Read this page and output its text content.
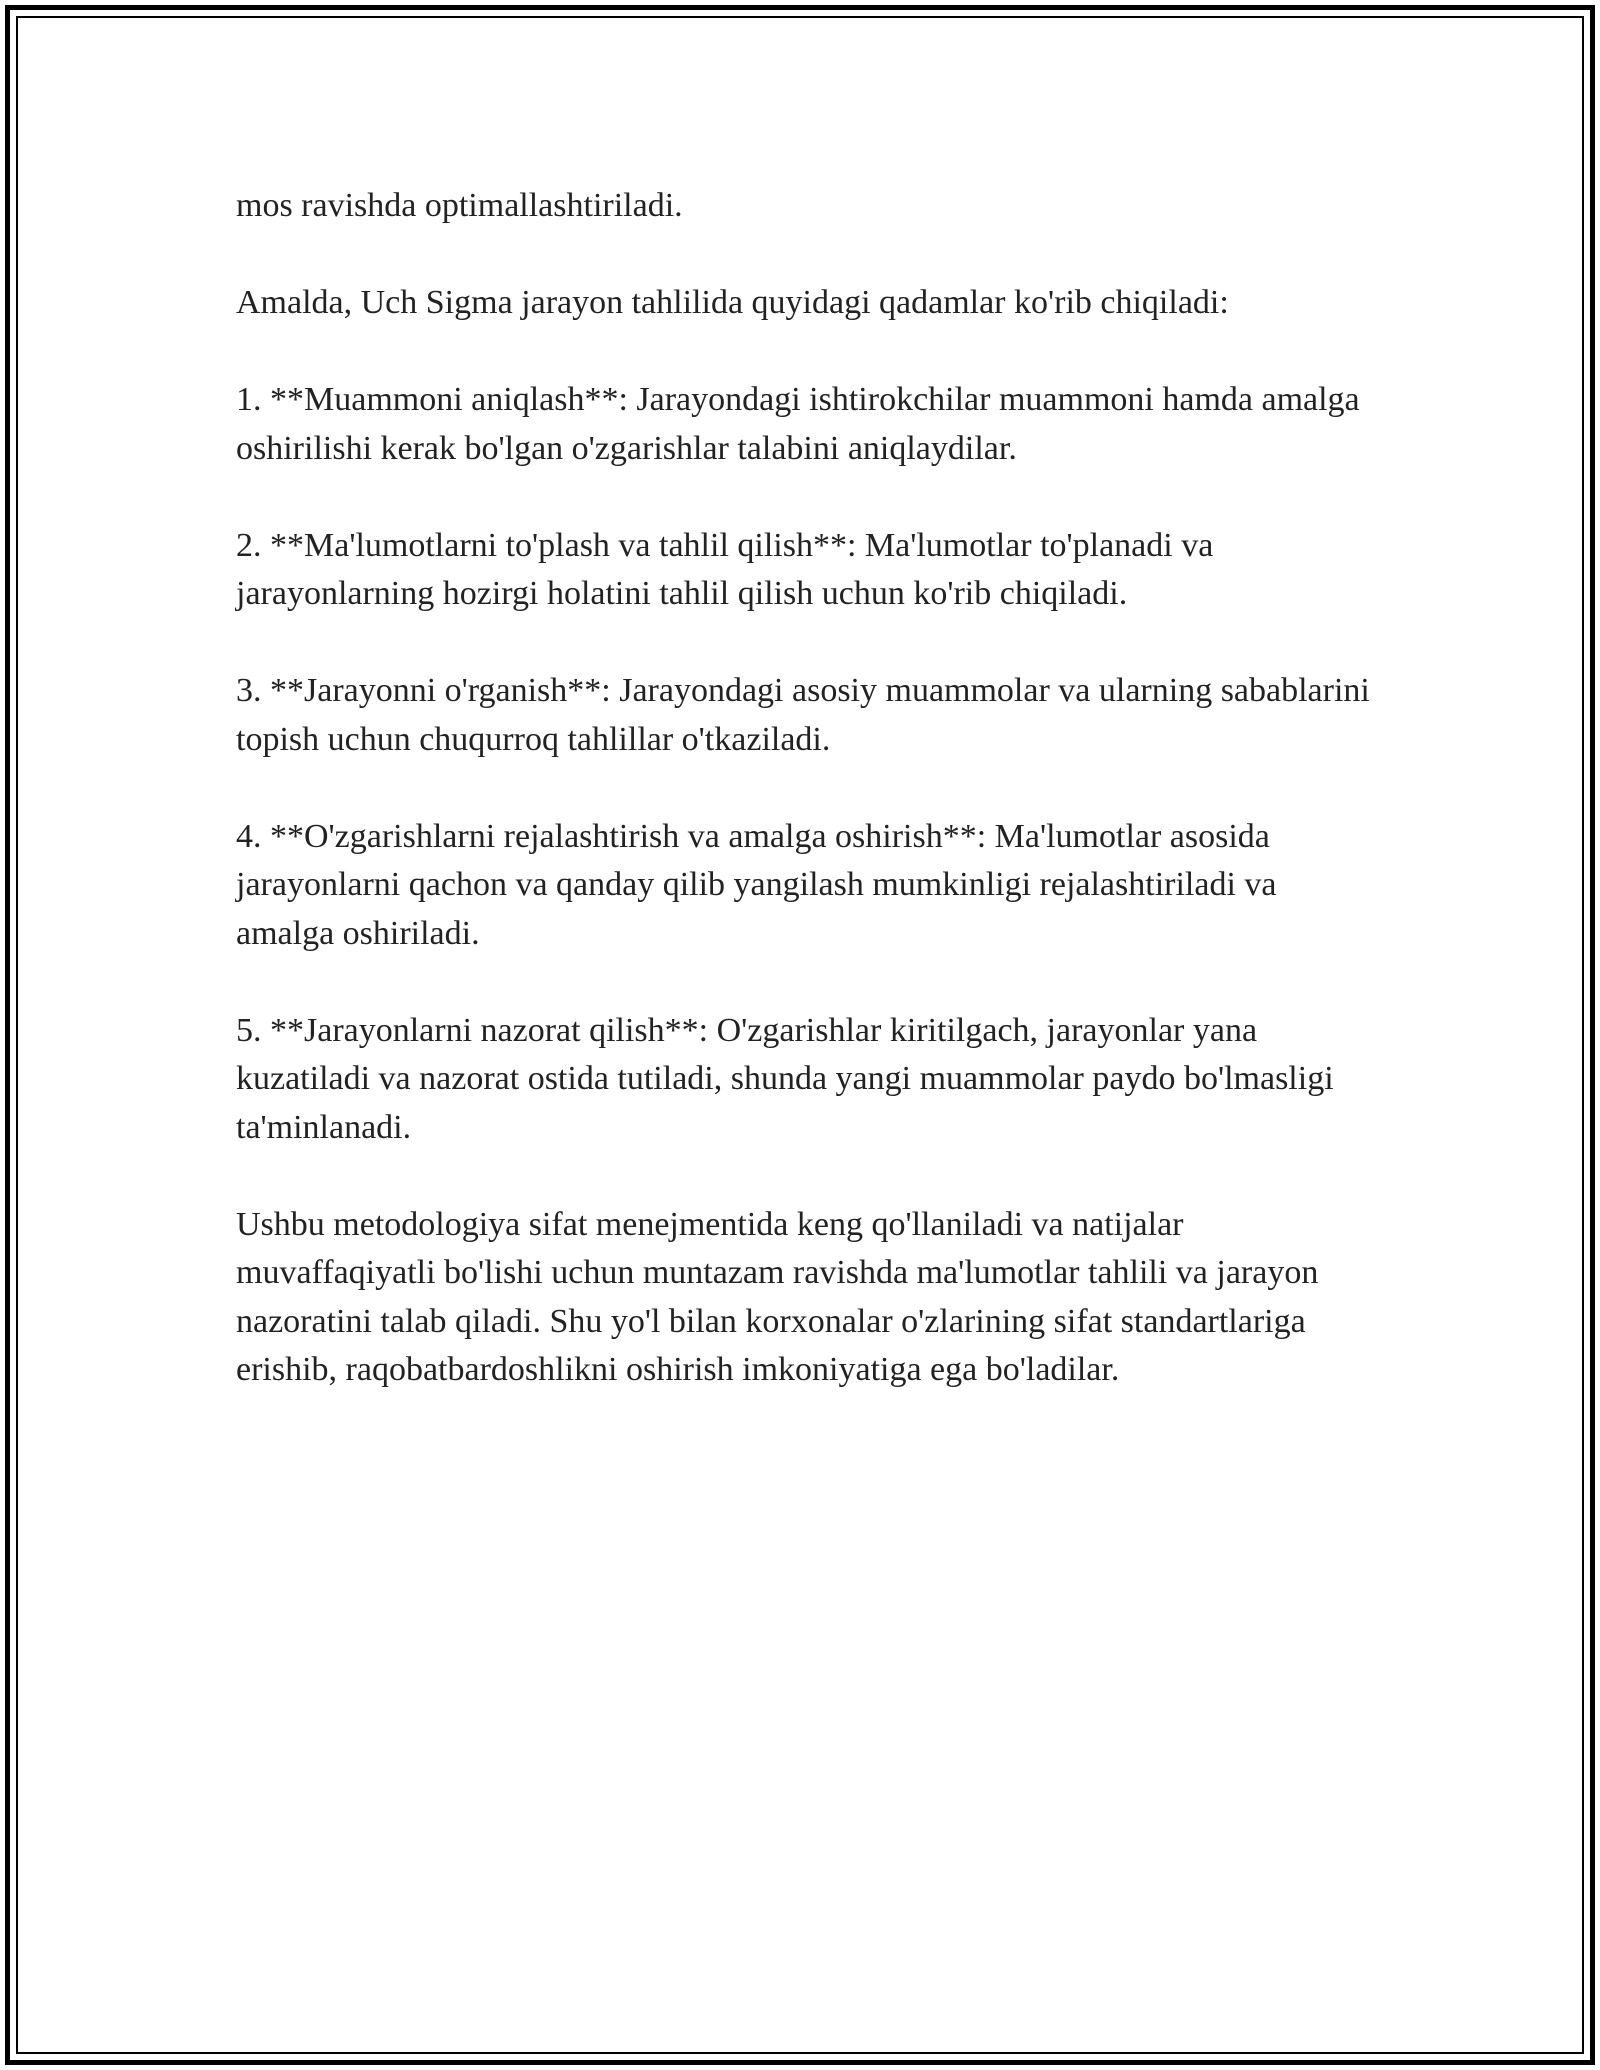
mos ravishda optimallashtiriladi.

Amalda, Uch Sigma jarayon tahlilida quyidagi qadamlar ko'rib chiqiladi:

1. **Muammoni aniqlash**: Jarayondagi ishtirokchilar muammoni hamda amalga oshirilishi kerak bo'lgan o'zgarishlar talabini aniqlaydilar.

2. **Ma'lumotlarni to'plash va tahlil qilish**: Ma'lumotlar to'planadi va jarayonlarning hozirgi holatini tahlil qilish uchun ko'rib chiqiladi.

3. **Jarayonni o'rganish**: Jarayondagi asosiy muammolar va ularning sabablarini topish uchun chuqurroq tahlillar o'tkaziladi.

4. **O'zgarishlarni rejalashtirish va amalga oshirish**: Ma'lumotlar asosida jarayonlarni qachon va qanday qilib yangilash mumkinligi rejalashtiriladi va amalga oshiriladi.

5. **Jarayonlarni nazorat qilish**: O'zgarishlar kiritilgach, jarayonlar yana kuzatiladi va nazorat ostida tutiladi, shunda yangi muammolar paydo bo'lmasligi ta'minlanadi.

Ushbu metodologiya sifat menejmentida keng qo'llaniladi va natijalar muvaffaqiyatli bo'lishi uchun muntazam ravishda ma'lumotlar tahlili va jarayon nazoratini talab qiladi. Shu yo'l bilan korxonalar o'zlarining sifat standartlariga erishib, raqobatbardoshlikni oshirish imkoniyatiga ega bo'ladilar.
